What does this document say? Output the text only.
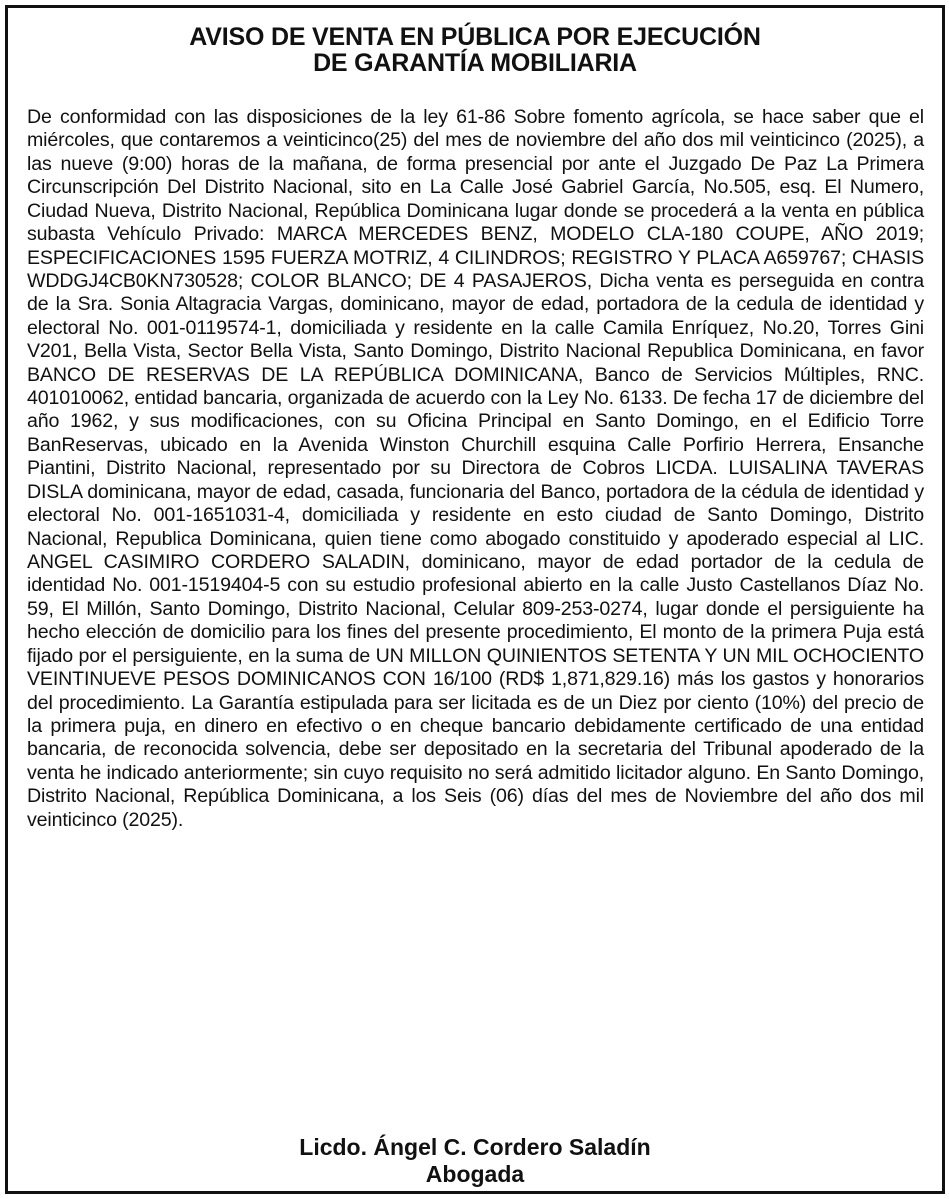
AVISO DE VENTA EN PÚBLICA POR EJECUCIÓN
DE GARANTÍA MOBILIARIA
De conformidad con las disposiciones de la ley 61-86 Sobre fomento agrícola, se hace saber que el miércoles, que contaremos a veinticinco(25) del mes de noviembre del año dos mil veinticinco (2025), a las nueve (9:00) horas de la mañana, de forma presencial por ante el Juzgado De Paz La Primera Circunscripción Del Distrito Nacional, sito en La Calle José Gabriel García, No.505, esq. El Numero, Ciudad Nueva, Distrito Nacional, República Dominicana lugar donde se procederá a la venta en pública subasta Vehículo Privado: MARCA MERCEDES BENZ, MODELO CLA-180 COUPE, AÑO 2019; ESPECIFICACIONES 1595 FUERZA MOTRIZ, 4 CILINDROS; REGISTRO Y PLACA A659767; CHASIS WDDGJ4CB0KN730528; COLOR BLANCO; DE 4 PASAJEROS, Dicha venta es perseguida en contra de la Sra. Sonia Altagracia Vargas, dominicano, mayor de edad, portadora de la cedula de identidad y electoral No. 001-0119574-1, domiciliada y residente en la calle Camila Enríquez, No.20, Torres Gini V201, Bella Vista, Sector Bella Vista, Santo Domingo, Distrito Nacional Republica Dominicana, en favor BANCO DE RESERVAS DE LA REPÚBLICA DOMINICANA, Banco de Servicios Múltiples, RNC. 401010062, entidad bancaria, organizada de acuerdo con la Ley No. 6133. De fecha 17 de diciembre del año 1962, y sus modificaciones, con su Oficina Principal en Santo Domingo, en el Edificio Torre BanReservas, ubicado en la Avenida Winston Churchill esquina Calle Porfirio Herrera, Ensanche Piantini, Distrito Nacional, representado por su Directora de Cobros LICDA. LUISALINA TAVERAS DISLA dominicana, mayor de edad, casada, funcionaria del Banco, portadora de la cédula de identidad y electoral No. 001-1651031-4, domiciliada y residente en esto ciudad de Santo Domingo, Distrito Nacional, Republica Dominicana, quien tiene como abogado constituido y apoderado especial al LIC. ANGEL CASIMIRO CORDERO SALADIN, dominicano, mayor de edad portador de la cedula de identidad No. 001-1519404-5 con su estudio profesional abierto en la calle Justo Castellanos Díaz No. 59, El Millón, Santo Domingo, Distrito Nacional, Celular 809-253-0274, lugar donde el persiguiente ha hecho elección de domicilio para los fines del presente procedimiento, El monto de la primera Puja está fijado por el persiguiente, en la suma de UN MILLON QUINIENTOS SETENTA Y UN MIL OCHOCIENTO VEINTINUEVE PESOS DOMINICANOS CON 16/100 (RD$ 1,871,829.16) más los gastos y honorarios del procedimiento. La Garantía estipulada para ser licitada es de un Diez por ciento (10%) del precio de la primera puja, en dinero en efectivo o en cheque bancario debidamente certificado de una entidad bancaria, de reconocida solvencia, debe ser depositado en la secretaria del Tribunal apoderado de la venta he indicado anteriormente; sin cuyo requisito no será admitido licitador alguno. En Santo Domingo, Distrito Nacional, República Dominicana, a los Seis (06) días del mes de Noviembre del año dos mil veinticinco (2025).
Licdo. Ángel C. Cordero Saladín
Abogada
